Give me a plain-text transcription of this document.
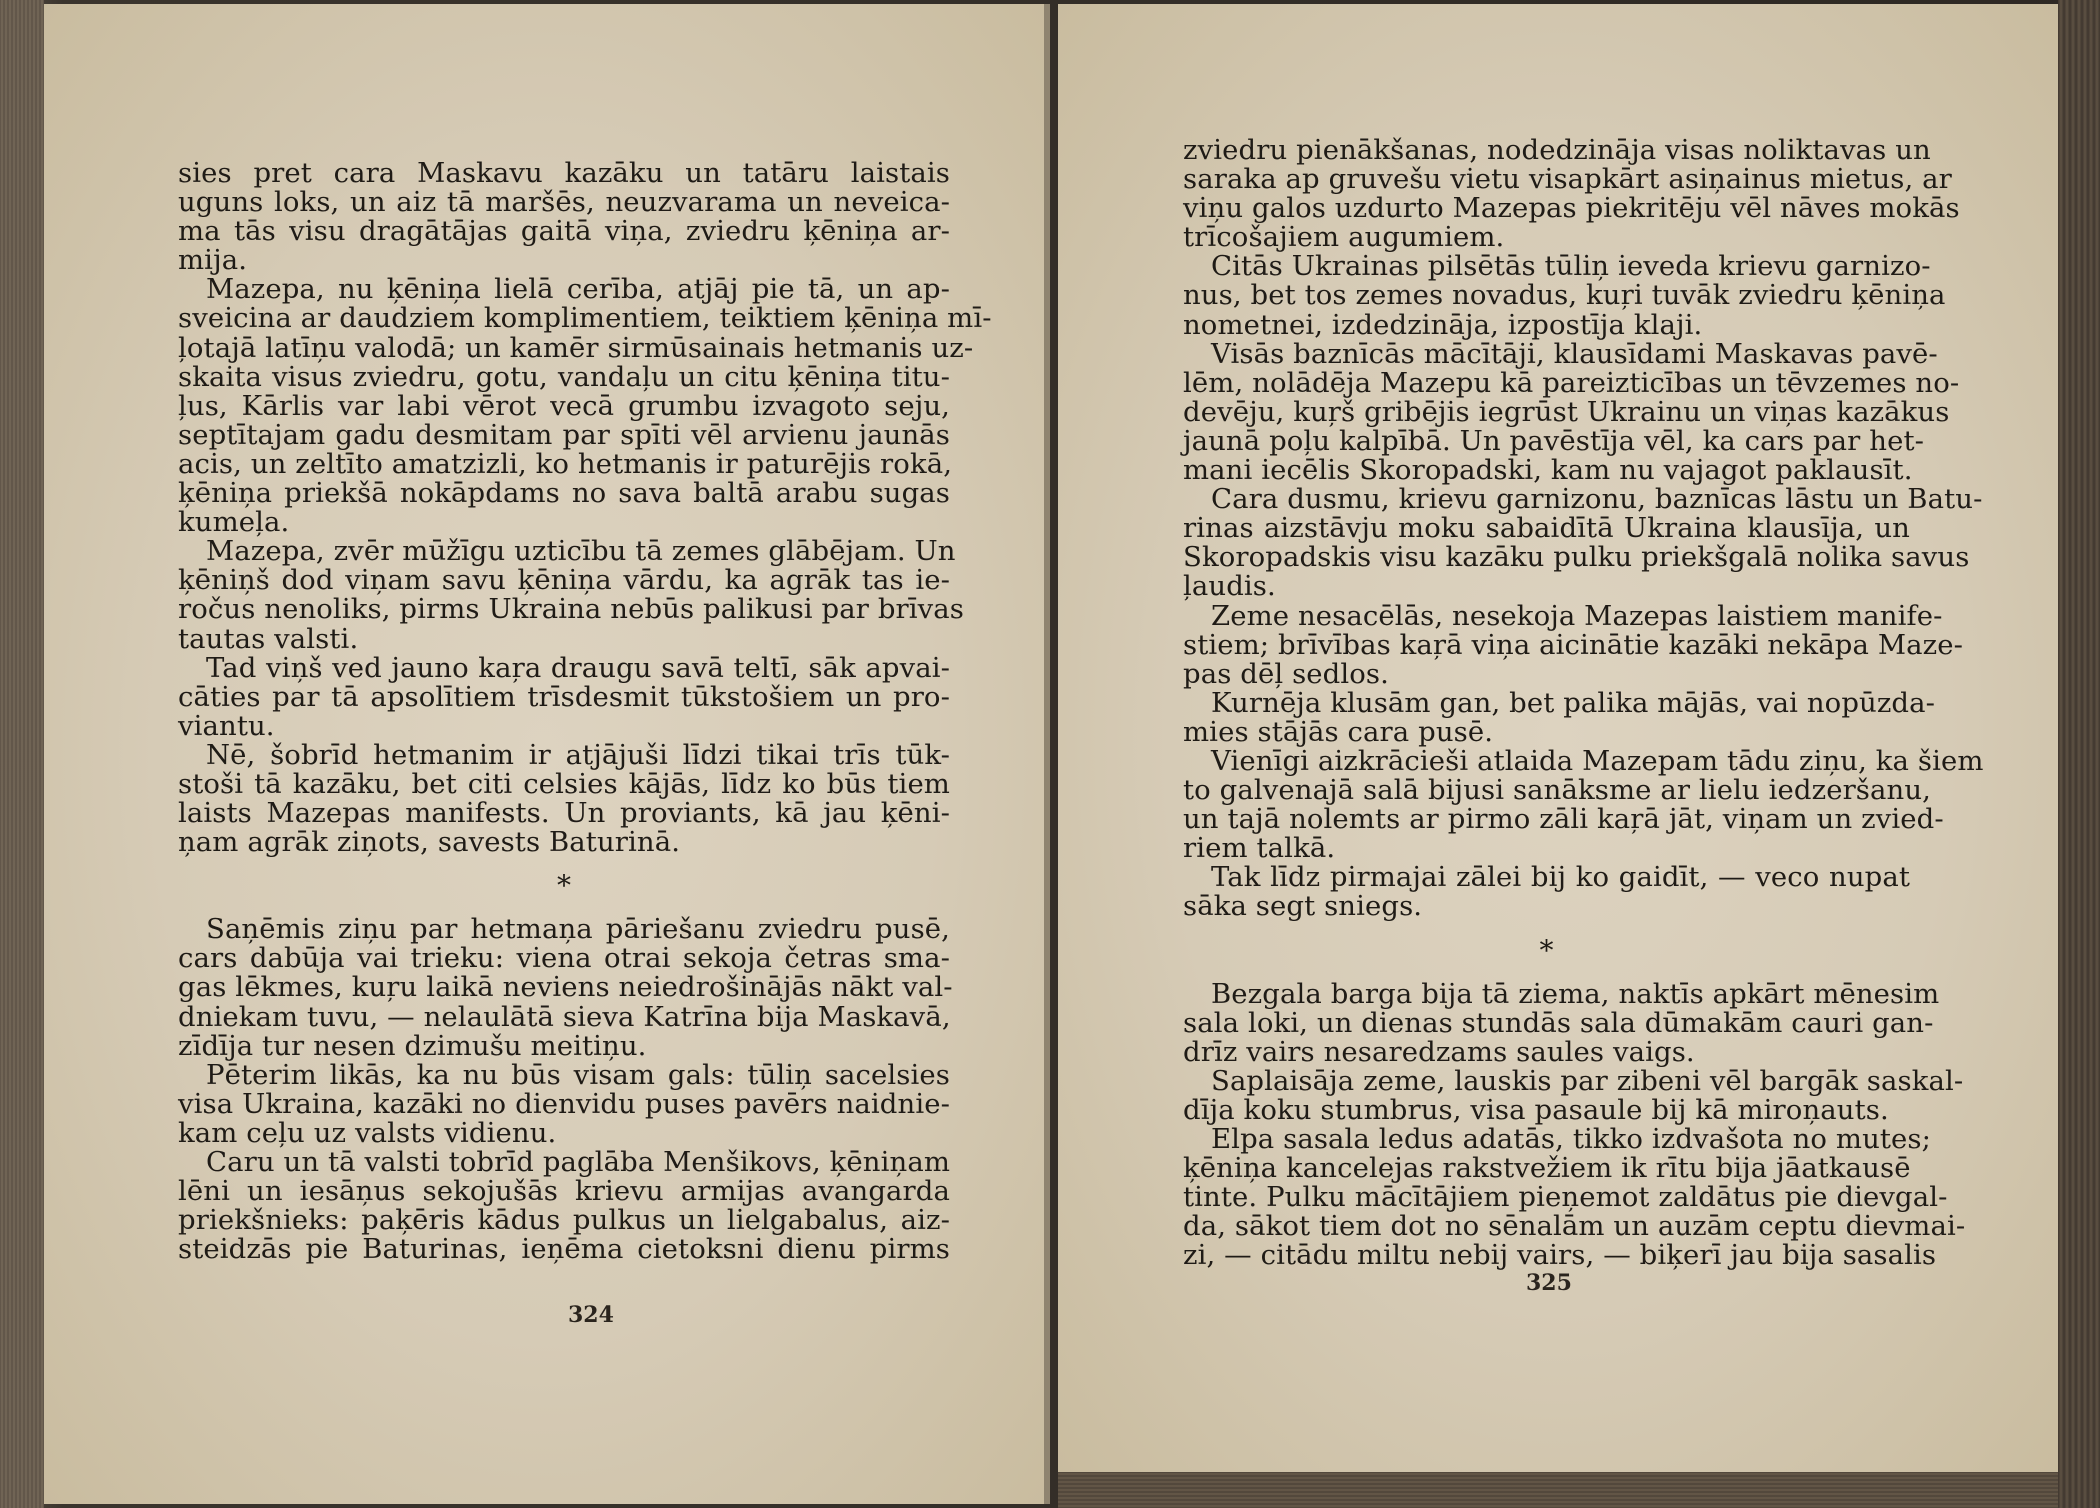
sies pret cara Maskavu kazāku un tatāru laistais
uguns loks, un aiz tā maršēs, neuzvarama un neveica-
ma tās visu dragātājas gaitā viņa, zviedru ķēniņa ar-
mija.
Mazepa, nu ķēniņa lielā cerība, atjāj pie tā, un ap-
sveicina ar daudziem komplimentiem, teiktiem ķēniņa mī-
ļotajā latīņu valodā; un kamēr sirmūsainais hetmanis uz-
skaita visus zviedru, gotu, vandaļu un citu ķēniņa titu-
ļus, Kārlis var labi vērot vecā grumbu izvagoto seju,
septītajam gadu desmitam par spīti vēl arvienu jaunās
acis, un zeltīto amatzizli, ko hetmanis ir paturējis rokā,
ķēniņa priekšā nokāpdams no sava baltā arabu sugas
kumeļa.
Mazepa, zvēr mūžīgu uzticību tā zemes glābējam. Un
ķēniņš dod viņam savu ķēniņa vārdu, ka agrāk tas ie-
ročus nenoliks, pirms Ukraina nebūs palikusi par brīvas
tautas valsti.
Tad viņš ved jauno kaŗa draugu savā teltī, sāk apvai-
cāties par tā apsolītiem trīsdesmit tūkstošiem un pro-
viantu.
Nē, šobrīd hetmanim ir atjājuši līdzi tikai trīs tūk-
stoši tā kazāku, bet citi celsies kājās, līdz ko būs tiem
laists Mazepas manifests. Un proviants, kā jau ķēni-
ņam agrāk ziņots, savests Baturinā.
*
Saņēmis ziņu par hetmaņa pāriešanu zviedru pusē,
cars dabūja vai trieku: viena otrai sekoja četras sma-
gas lēkmes, kuŗu laikā neviens neiedrošinājās nākt val-
dniekam tuvu, — nelaulātā sieva Katrīna bija Maskavā,
zīdīja tur nesen dzimušu meitiņu.
Pēterim likās, ka nu būs visam gals: tūliņ sacelsies
visa Ukraina, kazāki no dienvidu puses pavērs naidnie-
kam ceļu uz valsts vidienu.
Caru un tā valsti tobrīd paglāba Menšikovs, ķēniņam
lēni un iesāņus sekojušās krievu armijas avangarda
priekšnieks: paķēris kādus pulkus un lielgabalus, aiz-
steidzās pie Baturinas, ieņēma cietoksni dienu pirms
zviedru pienākšanas, nodedzināja visas noliktavas un
saraka ap gruvešu vietu visapkārt asiņainus mietus, ar
viņu galos uzdurto Mazepas piekritēju vēl nāves mokās
trīcošajiem augumiem.
Citās Ukrainas pilsētās tūliņ ieveda krievu garnizo-
nus, bet tos zemes novadus, kuŗi tuvāk zviedru ķēniņa
nometnei, izdedzināja, izpostīja klaji.
Visās baznīcās mācītāji, klausīdami Maskavas pavē-
lēm, nolādēja Mazepu kā pareizticības un tēvzemes no-
devēju, kuŗš gribējis iegrūst Ukrainu un viņas kazākus
jaunā poļu kalpībā. Un pavēstīja vēl, ka cars par het-
mani iecēlis Skoropadski, kam nu vajagot paklausīt.
Cara dusmu, krievu garnizonu, baznīcas lāstu un Batu-
rinas aizstāvju moku sabaidītā Ukraina klausīja, un
Skoropadskis visu kazāku pulku priekšgalā nolika savus
ļaudis.
Zeme nesacēlās, nesekoja Mazepas laistiem manife-
stiem; brīvības kaŗā viņa aicinātie kazāki nekāpa Maze-
pas dēļ sedlos.
Kurnēja klusām gan, bet palika mājās, vai nopūzda-
mies stājās cara pusē.
Vienīgi aizkrācieši atlaida Mazepam tādu ziņu, ka šiem
to galvenajā salā bijusi sanāksme ar lielu iedzeršanu,
un tajā nolemts ar pirmo zāli kaŗā jāt, viņam un zvied-
riem talkā.
Tak līdz pirmajai zālei bij ko gaidīt, — veco nupat
sāka segt sniegs.
*
Bezgala barga bija tā ziema, naktīs apkārt mēnesim
sala loki, un dienas stundās sala dūmakām cauri gan-
drīz vairs nesaredzams saules vaigs.
Saplaisāja zeme, lauskis par zibeni vēl bargāk saskal-
dīja koku stumbrus, visa pasaule bij kā miroņauts.
Elpa sasala ledus adatās, tikko izdvašota no mutes;
ķēniņa kancelejas rakstvežiem ik rītu bija jāatkausē
tinte. Pulku mācītājiem pieņemot zaldātus pie dievgal-
da, sākot tiem dot no sēnalām un auzām ceptu dievmai-
zi, — citādu miltu nebij vairs, — biķerī jau bija sasalis
324
325
